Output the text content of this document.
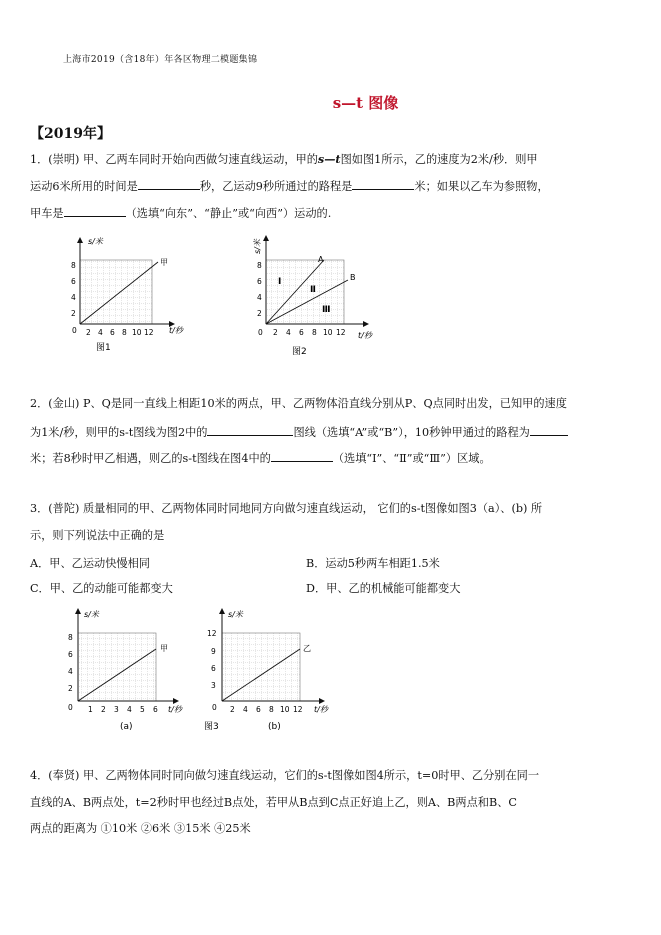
上海市2019（含18年）年各区物理二模题集锦
s—t 图像
【2019年】
1．(崇明) 甲、乙两车同时开始向西做匀速直线运动，甲的s—t图如图1所示，乙的速度为2米/秒．则甲
运动6米所用的时间是	秒，乙运动9秒所通过的路程是	米；如果以乙车为参照物，
甲车是	（选填“向东”、“静止”或“向西”）运动的.
s/米
t/秒
甲
8
6
4
2
0 2 4 6 8 10 12
图1
s/米
t/秒
A
B
Ⅰ
Ⅱ
Ⅲ
8
6
4
2
0 2 4 6 8 10 12
图2
2．(金山) P、Q是同一直线上相距10米的两点，甲、乙两物体沿直线分别从P、Q点同时出发，已知甲的速度
为1米/秒，则甲的s-t图线为图2中的	图线（选填“A”或“B”），10秒钟甲通过的路程为
米；若8秒时甲乙相遇，则乙的s-t图线在图4中的	（选填“Ⅰ”、“Ⅱ”或“Ⅲ”）区域。
3．(普陀) 质量相同的甲、乙两物体同时同地同方向做匀速直线运动， 它们的s-t图像如图3（a）、(b) 所
示，则下列说法中正确的是
A．甲、乙运动快慢相同	B．运动5秒两车相距1.5米
C．甲、乙的动能可能都变大	D．甲、乙的机械能可能都变大
s/米
t/秒
甲
8
6
4
2
0 1 2 3 4 5 6
(a)
s/米
t/秒
乙
12
9
6
3
0 2 4 6 8 10 12
图3	(b)
4．(奉贤) 甲、乙两物体同时同向做匀速直线运动，它们的s-t图像如图4所示，t=0时甲、乙分别在同一
直线的A、B两点处，t=2秒时甲也经过B点处，若甲从B点到C点正好追上乙，则A、B两点和B、C
两点的距离为 ①10米 ②6米 ③15米 ④25米
